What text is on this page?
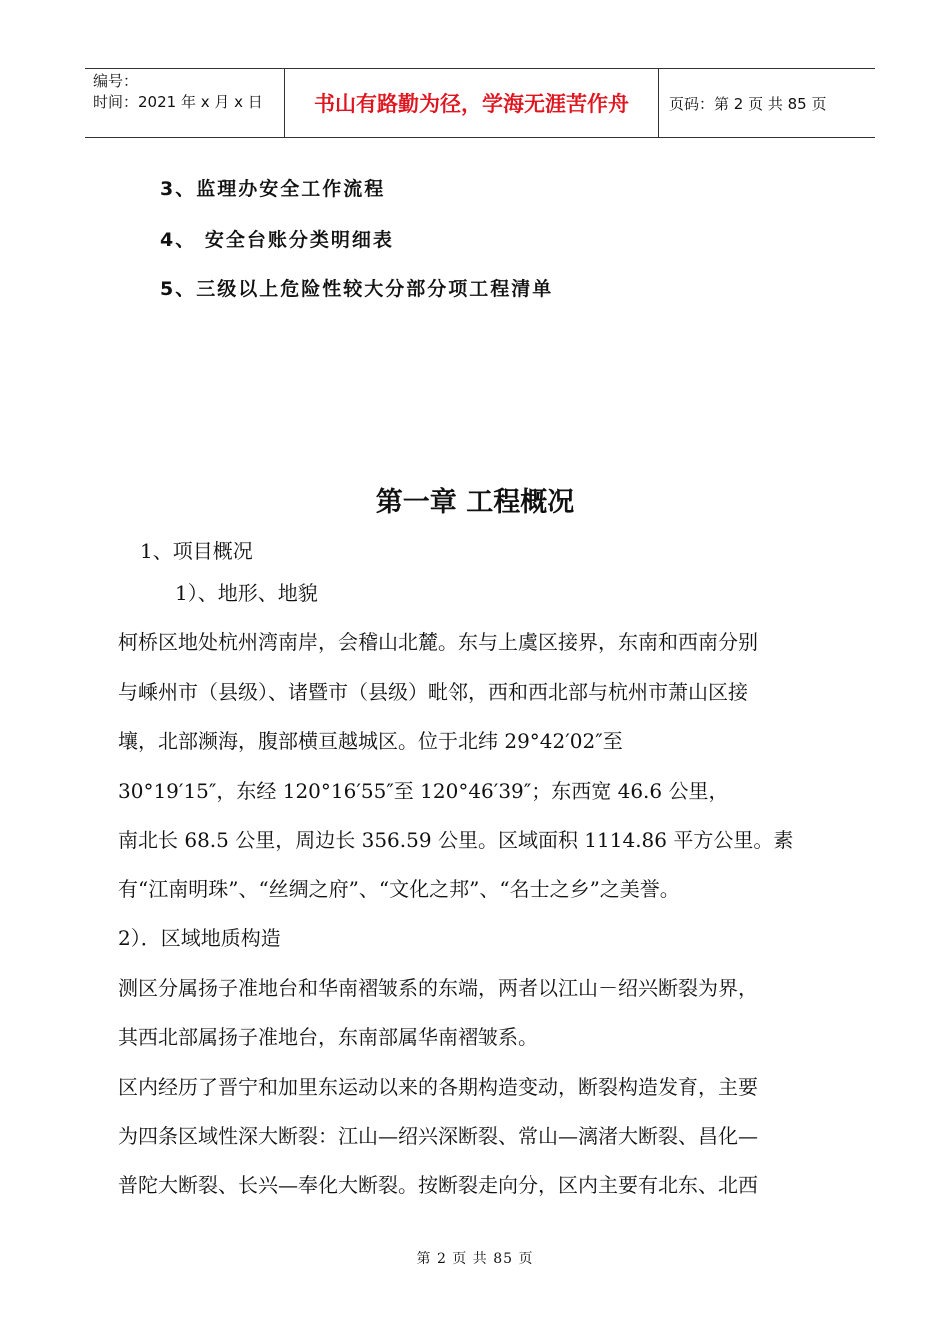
编号：
时间：2021 年 x 月 x 日	书山有路勤为径，学海无涯苦作舟	页码：第 2 页 共 85 页
3、监理办安全工作流程
4、 安全台账分类明细表
5、三级以上危险性较大分部分项工程清单
第一章 工程概况
1、项目概况
1）、地形、地貌
柯桥区地处杭州湾南岸，会稽山北麓。东与上虞区接界，东南和西南分别
与嵊州市（县级）、诸暨市（县级）毗邻，西和西北部与杭州市萧山区接
壤，北部濒海，腹部横亘越城区。位于北纬 29°42′02″至
30°19′15″，东经 120°16′55″至 120°46′39″；东西宽 46.6 公里，
南北长 68.5 公里，周边长 356.59 公里。区域面积 1114.86 平方公里。素
有“江南明珠”、“丝绸之府”、“文化之邦”、“名士之乡”之美誉。
2）．区域地质构造
测区分属扬子准地台和华南褶皱系的东端，两者以江山－绍兴断裂为界，
其西北部属扬子准地台，东南部属华南褶皱系。
区内经历了晋宁和加里东运动以来的各期构造变动，断裂构造发育，主要
为四条区域性深大断裂：江山—绍兴深断裂、常山—漓渚大断裂、昌化—
普陀大断裂、长兴—奉化大断裂。按断裂走向分，区内主要有北东、北西
第 2 页 共 85 页
